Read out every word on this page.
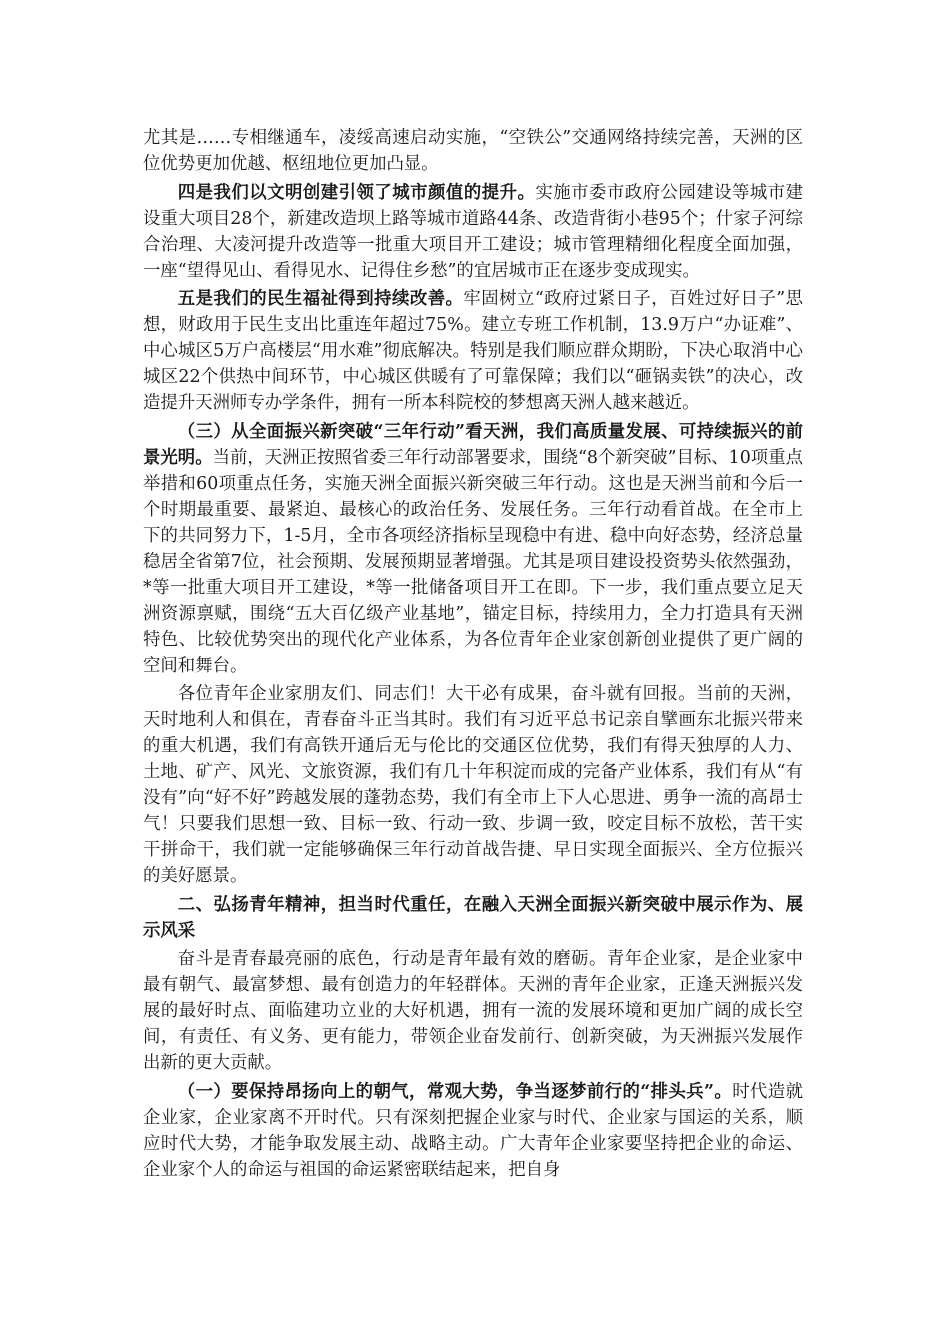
尤其是……专相继通车，凌绥高速启动实施，“空铁公”交通网络持续完善，天洲的区位优势更加优越、枢纽地位更加凸显。

四是我们以文明创建引领了城市颜值的提升。实施市委市政府公园建设等城市建设重大项目28个，新建改造坝上路等城市道路44条、改造背街小巷95个；什家子河综合治理、大凌河提升改造等一批重大项目开工建设；城市管理精细化程度全面加强，一座“望得见山、看得见水、记得住乡愁”的宜居城市正在逐步变成现实。

五是我们的民生福祉得到持续改善。牢固树立“政府过紧日子，百姓过好日子”思想，财政用于民生支出比重连年超过75%。建立专班工作机制，13.9万户“办证难”、中心城区5万户高楼层“用水难”彻底解决。特别是我们顺应群众期盼，下决心取消中心城区22个供热中间环节，中心城区供暖有了可靠保障；我们以“砸锅卖铁”的决心，改造提升天洲师专办学条件，拥有一所本科院校的梦想离天洲人越来越近。

（三）从全面振兴新突破“三年行动”看天洲，我们高质量发展、可持续振兴的前景光明。当前，天洲正按照省委三年行动部署要求，围绕“8个新突破”目标、10项重点举措和60项重点任务，实施天洲全面振兴新突破三年行动。这也是天洲当前和今后一个时期最重要、最紧迫、最核心的政治任务、发展任务。三年行动看首战。在全市上下的共同努力下，1-5月，全市各项经济指标呈现稳中有进、稳中向好态势，经济总量稳居全省第7位，社会预期、发展预期显著增强。尤其是项目建设投资势头依然强劲，*等一批重大项目开工建设，*等一批储备项目开工在即。下一步，我们重点要立足天洲资源禀赋，围绕“五大百亿级产业基地”，锚定目标，持续用力，全力打造具有天洲特色、比较优势突出的现代化产业体系，为各位青年企业家创新创业提供了更广阔的空间和舞台。

各位青年企业家朋友们、同志们！大干必有成果，奋斗就有回报。当前的天洲，天时地利人和俱在，青春奋斗正当其时。我们有习近平总书记亲自擘画东北振兴带来的重大机遇，我们有高铁开通后无与伦比的交通区位优势，我们有得天独厚的人力、土地、矿产、风光、文旅资源，我们有几十年积淀而成的完备产业体系，我们有从“有没有”向“好不好”跨越发展的蓬勃态势，我们有全市上下人心思进、勇争一流的高昂士气！只要我们思想一致、目标一致、行动一致、步调一致，咬定目标不放松，苦干实干拼命干，我们就一定能够确保三年行动首战告捷、早日实现全面振兴、全方位振兴的美好愿景。

二、弘扬青年精神，担当时代重任，在融入天洲全面振兴新突破中展示作为、展示风采

奋斗是青春最亮丽的底色，行动是青年最有效的磨砺。青年企业家，是企业家中最有朝气、最富梦想、最有创造力的年轻群体。天洲的青年企业家，正逢天洲振兴发展的最好时点、面临建功立业的大好机遇，拥有一流的发展环境和更加广阔的成长空间，有责任、有义务、更有能力，带领企业奋发前行、创新突破，为天洲振兴发展作出新的更大贡献。

（一）要保持昂扬向上的朝气，常观大势，争当逐梦前行的“排头兵”。时代造就企业家，企业家离不开时代。只有深刻把握企业家与时代、企业家与国运的关系，顺应时代大势，才能争取发展主动、战略主动。广大青年企业家要坚持把企业的命运、企业家个人的命运与祖国的命运紧密联结起来，把自身
